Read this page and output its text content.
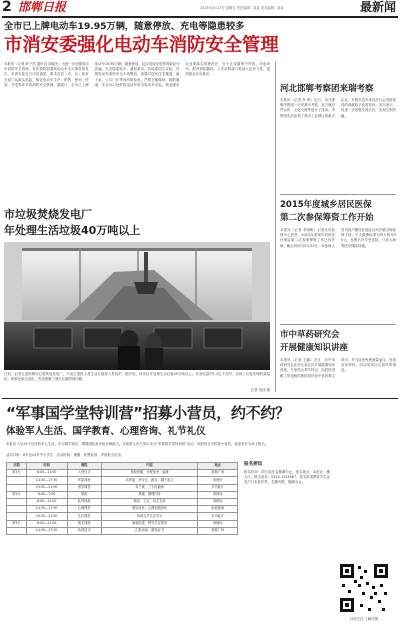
2 邯郸日报	2015年4月17日 星期五 责任编辑：某某 美术编辑：某某	最新闻
全市已上牌电动车19.95万辆，随意停放、充电等隐患较多
市消安委强化电动车消防安全管理
本报讯（记者 张子然 通讯员 刘晓光）为进一步加强电动车消防安全管理，有效预防和遏制电动车火灾事故的发生，市消安委近日印发通知，要求各县（市、区）和有关部门从源头抓起，强化电动车生产、销售、使用、停放、充电等环节的消防安全管理。据统计，全市已上牌电动车19.95万辆，随意停放、乱拉电线充电等现象较为普遍，火灾隐患较多。通知要求，各地要结合实际，开展电动车消防安全专项整治，加强对居民住宅楼道、地下室、公共门厅等场所的检查，严禁在楼梯间、疏散通道、安全出口处停放电动车或为电动车充电。物业服务企业要落实管理责任，在小区设置集中停放、充电场所，配齐消防器材。公安消防部门要加大宣传力度，提高群众安全意识。
市垃圾焚烧发电厂
年处理生活垃圾40万吨以上
日前，记者走进邯郸市垃圾焚烧发电厂，只见巨型抓斗将生活垃圾投入焚烧炉。据介绍，该项目年处理生活垃圾40万吨以上，年发电量约1.2亿千瓦时，实现了垃圾处理的减量化、资源化和无害化，有效缓解了城市垃圾围城问题。
记者 倪伟 摄
河北邯郸考察团来瑞考察
本报讯（记者 李 明）近日，河北邯郸考察团一行来我市考察，双方就经贸合作、文化交流等进行了座谈。考察团先后参观了我市工业园区和重点企业，对我市近年来经济社会发展取得的成就给予高度评价。双方表示，将进一步加强交流合作，实现互利共赢。
2015年度城乡居民医保
第二次参保筹资工作开始
本报讯（记者 李晓明）记者从市医保中心获悉，2015年度城乡居民医疗保险第二次参保筹资工作已经开始，截止时间为5月31日。未参保人员可到户籍所在地社区或乡镇办理参保手续。个人缴费标准为每人每年90元，参保后可享受住院、门诊大病等医疗保险待遇。
市中草药研究会
开展健康知识讲座
本报讯（记者 王娜）近日，市中草药研究会在市区某社区开展健康知识讲座，专家结合季节特点，向居民讲解了常见病的预防知识和中草药养生常识，并为居民免费测量血压、发放宣传资料。活动受到社区居民的欢迎。
“军事国学堂特训营”招募小营员，约不约？
体验军人生活、国学教育、心理咨询、礼节礼仪
本报讯 为让孩子们体验军人生活，学习国学知识，增强团队意识和自理能力，本报联合有关单位举办“军事国学堂特训营”活动，现面向全市招募小营员，欢迎家长为孩子报名。
活动对象：8岁至14岁中小学生　活动时间：暑期　收费标准：详询报名电话
日期	时间	课程	内容	地点
第1天	8:00—11:00	入营仪式	领取营服、分配宿舍、编班	营地广场
	14:30—17:30	军姿训练	站军姿、齐步走、跑步、蹲下起立	训练场
	19:30—21:00	国学课堂	弟子规、三字经诵读	多功能厅
第2天	6:00—7:00	晨练	晨跑、整理内务	训练场
	8:00—11:00	队列训练	稍息、立正、向左右转	训练场
	14:30—17:30	心理课堂	团队协作、心理拓展游戏	拓展基地
	19:30—21:00	礼仪课堂	传统礼节礼仪学习	多功能厅
第3天	8:00—11:00	战术训练	匍匐前进、野外生存常识	训练场
	14:30—17:30	结营仪式	汇报表演、颁发证书	营地广场
报名须知
报名时间：即日起至名额满为止。报名地点：本报社一楼大厅。报名电话：0310-1234567。报名时请携带学生证或户口本复印件。名额有限，额满为止。
扫码关注 了解详情
